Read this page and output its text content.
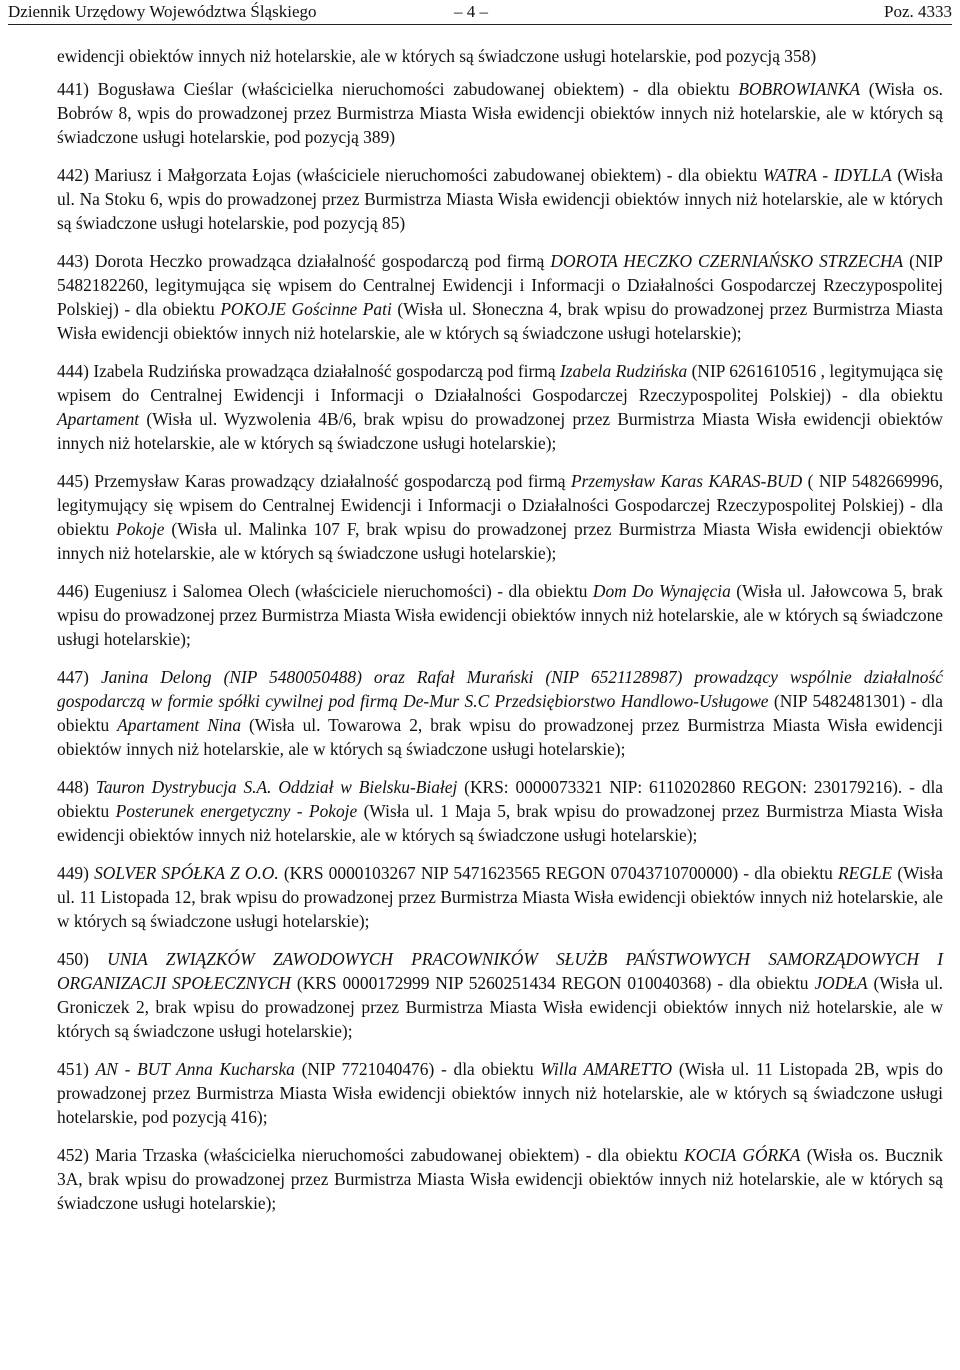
Dziennik Urzędowy Województwa Śląskiego	– 4 –	Poz. 4333

ewidencji obiektów innych niż hotelarskie, ale w których są świadczone usługi hotelarskie, pod pozycją 358)

441) Bogusława Cieślar (właścicielka nieruchomości zabudowanej obiektem) - dla obiektu BOBROWIANKA (Wisła os. Bobrów 8, wpis do prowadzonej przez Burmistrza Miasta Wisła ewidencji obiektów innych niż hotelarskie, ale w których są świadczone usługi hotelarskie, pod pozycją 389)

442) Mariusz i Małgorzata Łojas (właściciele nieruchomości zabudowanej obiektem) - dla obiektu WATRA - IDYLLA (Wisła ul. Na Stoku 6, wpis do prowadzonej przez Burmistrza Miasta Wisła ewidencji obiektów innych niż hotelarskie, ale w których są świadczone usługi hotelarskie, pod pozycją 85)

443) Dorota Heczko prowadząca działalność gospodarczą pod firmą DOROTA HECZKO CZERNIAŃSKO STRZECHA (NIP 5482182260, legitymująca się wpisem do Centralnej Ewidencji i Informacji o Działalności Gospodarczej Rzeczypospolitej Polskiej) - dla obiektu POKOJE Gościnne Pati (Wisła ul. Słoneczna 4, brak wpisu do prowadzonej przez Burmistrza Miasta Wisła ewidencji obiektów innych niż hotelarskie, ale w których są świadczone usługi hotelarskie);

444) Izabela Rudzińska prowadząca działalność gospodarczą pod firmą Izabela Rudzińska (NIP 6261610516 , legitymująca się wpisem do Centralnej Ewidencji i Informacji o Działalności Gospodarczej Rzeczypospolitej Polskiej) - dla obiektu Apartament (Wisła ul. Wyzwolenia 4B/6, brak wpisu do prowadzonej przez Burmistrza Miasta Wisła ewidencji obiektów innych niż hotelarskie, ale w których są świadczone usługi hotelarskie);

445) Przemysław Karas prowadzący działalność gospodarczą pod firmą Przemysław Karas KARAS-BUD ( NIP 5482669996, legitymujący się wpisem do Centralnej Ewidencji i Informacji o Działalności Gospodarczej Rzeczypospolitej Polskiej) - dla obiektu Pokoje (Wisła ul. Malinka 107 F, brak wpisu do prowadzonej przez Burmistrza Miasta Wisła ewidencji obiektów innych niż hotelarskie, ale w których są świadczone usługi hotelarskie);

446) Eugeniusz i Salomea Olech (właściciele nieruchomości) - dla obiektu Dom Do Wynajęcia (Wisła ul. Jałowcowa 5, brak wpisu do prowadzonej przez Burmistrza Miasta Wisła ewidencji obiektów innych niż hotelarskie, ale w których są świadczone usługi hotelarskie);

447) Janina Delong (NIP 5480050488) oraz Rafał Murański (NIP 6521128987) prowadzący wspólnie działalność gospodarczą w formie spółki cywilnej pod firmą De-Mur S.C Przedsiębiorstwo Handlowo-Usługowe (NIP 5482481301) - dla obiektu Apartament Nina (Wisła ul. Towarowa 2, brak wpisu do prowadzonej przez Burmistrza Miasta Wisła ewidencji obiektów innych niż hotelarskie, ale w których są świadczone usługi hotelarskie);

448) Tauron Dystrybucja S.A. Oddział w Bielsku-Białej (KRS: 0000073321 NIP: 6110202860 REGON: 230179216). - dla obiektu Posterunek energetyczny - Pokoje (Wisła ul. 1 Maja 5, brak wpisu do prowadzonej przez Burmistrza Miasta Wisła ewidencji obiektów innych niż hotelarskie, ale w których są świadczone usługi hotelarskie);

449) SOLVER SPÓŁKA Z O.O. (KRS 0000103267 NIP 5471623565 REGON 07043710700000) - dla obiektu REGLE (Wisła ul. 11 Listopada 12, brak wpisu do prowadzonej przez Burmistrza Miasta Wisła ewidencji obiektów innych niż hotelarskie, ale w których są świadczone usługi hotelarskie);

450) UNIA ZWIĄZKÓW ZAWODOWYCH PRACOWNIKÓW SŁUŻB PAŃSTWOWYCH SAMORZĄDOWYCH I ORGANIZACJI SPOŁECZNYCH (KRS 0000172999 NIP 5260251434 REGON 010040368) - dla obiektu JODŁA (Wisła ul. Groniczek 2, brak wpisu do prowadzonej przez Burmistrza Miasta Wisła ewidencji obiektów innych niż hotelarskie, ale w których są świadczone usługi hotelarskie);

451) AN - BUT Anna Kucharska (NIP 7721040476) - dla obiektu Willa AMARETTO (Wisła ul. 11 Listopada 2B, wpis do prowadzonej przez Burmistrza Miasta Wisła ewidencji obiektów innych niż hotelarskie, ale w których są świadczone usługi hotelarskie, pod pozycją 416);

452) Maria Trzaska (właścicielka nieruchomości zabudowanej obiektem) - dla obiektu KOCIA GÓRKA (Wisła os. Bucznik 3A, brak wpisu do prowadzonej przez Burmistrza Miasta Wisła ewidencji obiektów innych niż hotelarskie, ale w których są świadczone usługi hotelarskie);
